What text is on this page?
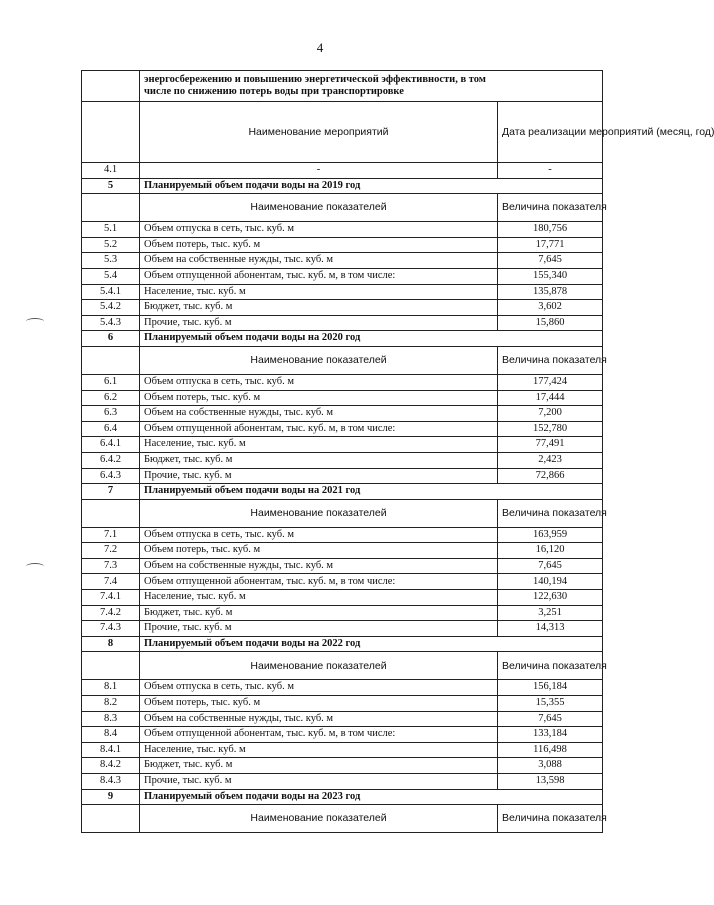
4

	энергосбережению и повышению энергетической эффективности, в том
числе по снижению потерь воды при транспортировке	

	Наименование мероприятий	Дата реализации мероприятий (месяц, год)
4.1	-	-
5	Планируемый объем подачи воды на 2019 год	
	Наименование показателей	Величина показателя
5.1	Объем отпуска в сеть, тыс. куб. м	180,756
5.2	Объем потерь, тыс. куб. м	17,771
5.3	Объем на собственные нужды, тыс. куб. м	7,645
5.4	Объем отпущенной абонентам, тыс. куб. м, в том числе:	155,340
5.4.1	Население, тыс. куб. м	135,878
5.4.2	Бюджет, тыс. куб. м	3,602
5.4.3	Прочие, тыс. куб. м	15,860
6	Планируемый объем подачи воды на 2020 год	
	Наименование показателей	Величина показателя
6.1	Объем отпуска в сеть, тыс. куб. м	177,424
6.2	Объем потерь, тыс. куб. м	17,444
6.3	Объем на собственные нужды, тыс. куб. м	7,200
6.4	Объем отпущенной абонентам, тыс. куб. м, в том числе:	152,780
6.4.1	Население, тыс. куб. м	77,491
6.4.2	Бюджет, тыс. куб. м	2,423
6.4.3	Прочие, тыс. куб. м	72,866
7	Планируемый объем подачи воды на 2021 год	
	Наименование показателей	Величина показателя
7.1	Объем отпуска в сеть, тыс. куб. м	163,959
7.2	Объем потерь, тыс. куб. м	16,120
7.3	Объем на собственные нужды, тыс. куб. м	7,645
7.4	Объем отпущенной абонентам, тыс. куб. м, в том числе:	140,194
7.4.1	Население, тыс. куб. м	122,630
7.4.2	Бюджет, тыс. куб. м	3,251
7.4.3	Прочие, тыс. куб. м	14,313
8	Планируемый объем подачи воды на 2022 год	
	Наименование показателей	Величина показателя
8.1	Объем отпуска в сеть, тыс. куб. м	156,184
8.2	Объем потерь, тыс. куб. м	15,355
8.3	Объем на собственные нужды, тыс. куб. м	7,645
8.4	Объем отпущенной абонентам, тыс. куб. м, в том числе:	133,184
8.4.1	Население, тыс. куб. м	116,498
8.4.2	Бюджет, тыс. куб. м	3,088
8.4.3	Прочие, тыс. куб. м	13,598
9	Планируемый объем подачи воды на 2023 год	
	Наименование показателей	Величина показателя
